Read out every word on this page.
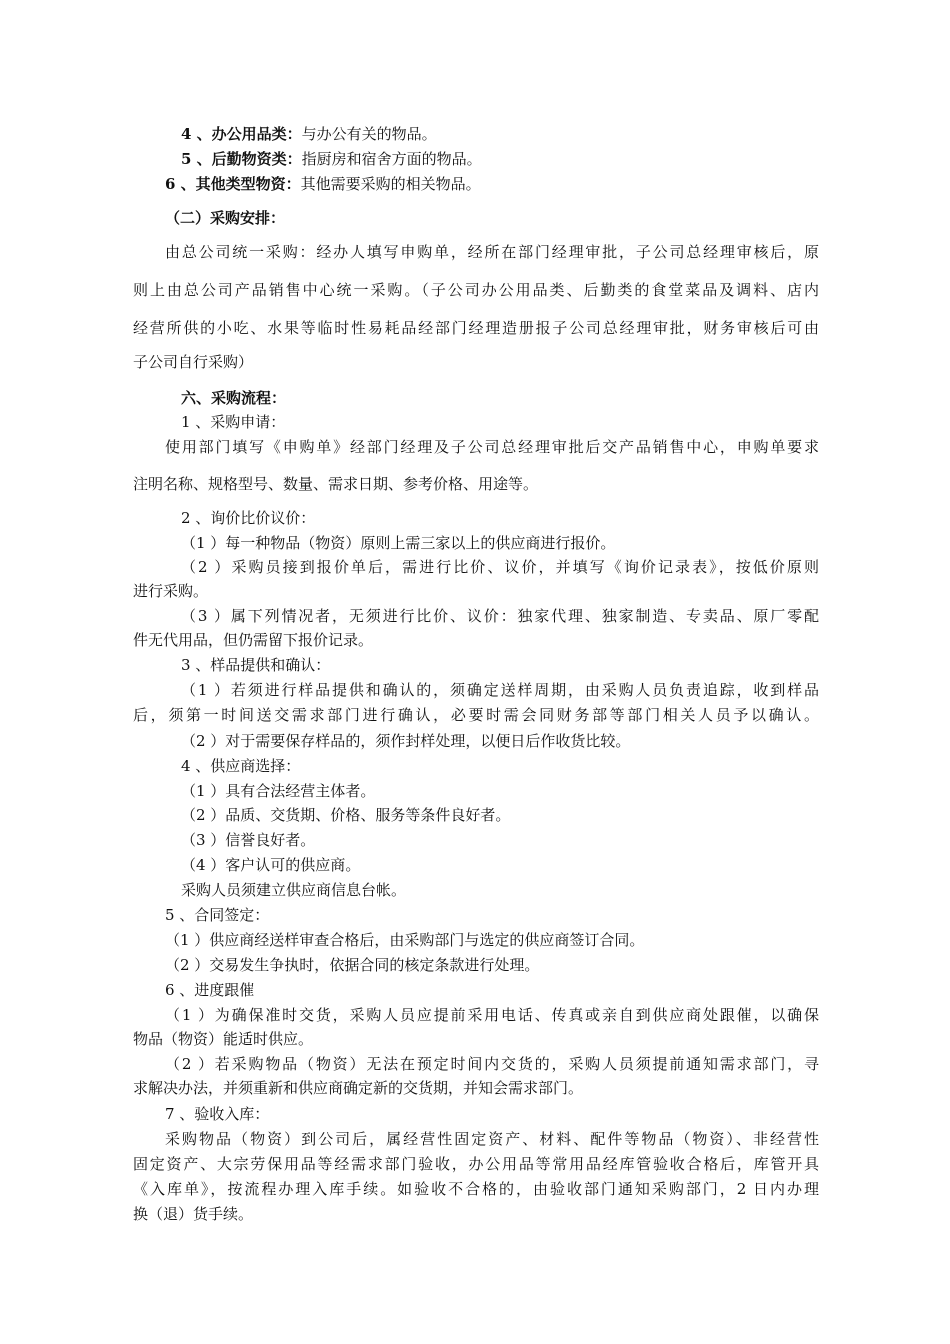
4 、办公用品类：与办公有关的物品。
5 、后勤物资类：指厨房和宿舍方面的物品。
6 、其他类型物资：其他需要采购的相关物品。
（二）采购安排：
由总公司统一采购：经办人填写申购单，经所在部门经理审批，子公司总经理审核后，原
则上由总公司产品销售中心统一采购。（子公司办公用品类、后勤类的食堂菜品及调料、店内
经营所供的小吃、水果等临时性易耗品经部门经理造册报子公司总经理审批，财务审核后可由
子公司自行采购）
六、采购流程：
1 、采购申请：
使用部门填写《申购单》经部门经理及子公司总经理审批后交产品销售中心，申购单要求
注明名称、规格型号、数量、需求日期、参考价格、用途等。
2 、询价比价议价：
（1 ）每一种物品（物资）原则上需三家以上的供应商进行报价。
（2 ）采购员接到报价单后，需进行比价、议价，并填写《询价记录表》，按低价原则
进行采购。
（3 ）属下列情况者，无须进行比价、议价：独家代理、独家制造、专卖品、原厂零配
件无代用品，但仍需留下报价记录。
3 、样品提供和确认：
（1 ）若须进行样品提供和确认的，须确定送样周期，由采购人员负责追踪，收到样品
后，须第一时间送交需求部门进行确认，必要时需会同财务部等部门相关人员予以确认。
（2 ）对于需要保存样品的，须作封样处理，以便日后作收货比较。
4 、供应商选择：
（1 ）具有合法经营主体者。
（2 ）品质、交货期、价格、服务等条件良好者。
（3 ）信誉良好者。
（4 ）客户认可的供应商。
采购人员须建立供应商信息台帐。
5 、合同签定：
（1 ）供应商经送样审查合格后，由采购部门与选定的供应商签订合同。
（2 ）交易发生争执时，依据合同的核定条款进行处理。
6 、进度跟催
（1 ）为确保准时交货，采购人员应提前采用电话、传真或亲自到供应商处跟催，以确保
物品（物资）能适时供应。
（2 ）若采购物品（物资）无法在预定时间内交货的，采购人员须提前通知需求部门，寻
求解决办法，并须重新和供应商确定新的交货期，并知会需求部门。
7 、验收入库：
采购物品（物资）到公司后，属经营性固定资产、材料、配件等物品（物资）、非经营性
固定资产、大宗劳保用品等经需求部门验收，办公用品等常用品经库管验收合格后，库管开具
《入库单》，按流程办理入库手续。如验收不合格的，由验收部门通知采购部门，2 日内办理
换（退）货手续。
